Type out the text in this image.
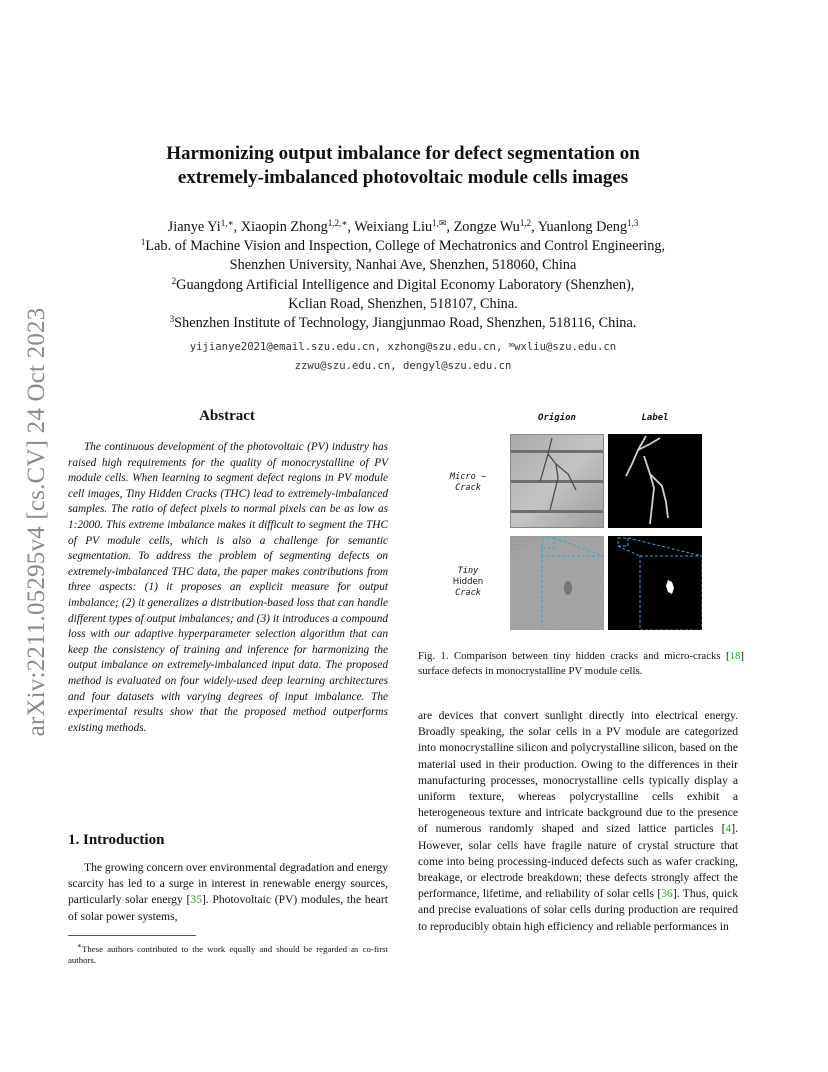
arXiv:2211.05295v4 [cs.CV] 24 Oct 2023
Harmonizing output imbalance for defect segmentation on
extremely-imbalanced photovoltaic module cells images
Jianye $Yi^{1,∗}$, Xiaopin Zhong$^{1,2,∗}$, Weixiang Liu$^{1,✉}$, Zongze Wu$^{1,2}$, Yuanlong Deng$^{1,3}$
$^1$Lab. of Machine Vision and Inspection, College of Mechatronics and Control Engineering,
Shenzhen University, Nanhai Ave, Shenzhen, 518060, China
$^2$Guangdong Artificial Intelligence and Digital Economy Laboratory (Shenzhen),
Kclian Road, Shenzhen, 518107, China.
$^3$Shenzhen Institute of Technology, Jiangjunmao Road, Shenzhen, 518116, China.
yijianye2021@email.szu.edu.cn, xzhong@szu.edu.cn, ✉wxliu@szu.edu.cn
zzwu@szu.edu.cn, dengyl@szu.edu.cn
Abstract

The continuous development of the photovoltaic (PV) industry has raised high requirements for the quality of monocrystalline of PV module cells. When learning to segment defect regions in PV module cell images, Tiny Hidden Cracks (THC) lead to extremely-imbalanced samples. The ratio of defect pixels to normal pixels can be as low as 1:2000. This extreme imbalance makes it difficult to segment the THC of PV module cells, which is also a challenge for semantic segmentation. To address the problem of segmenting defects on extremely-imbalanced THC data, the paper makes contributions from three aspects: (1) it proposes an explicit measure for output imbalance; (2) it generalizes a distribution-based loss that can handle different types of output imbalances; and (3) it introduces a compound loss with our adaptive hyperparameter selection algorithm that can keep the consistency of training and inference for harmonizing the output imbalance on extremely-imbalanced input data. The proposed method is evaluated on four widely-used deep learning architectures and four datasets with varying degrees of input imbalance. The experimental results show that the proposed method outperforms existing methods.

1. Introduction

The growing concern over environmental degradation and energy scarcity has led to a surge in interest in renewable energy sources, particularly solar energy [35]. Photovoltaic (PV) modules, the heart of solar power systems,

∗These authors contributed to the work equally and should be regarded as co-first authors.

Origion	Label
Micro −
Crack
Tiny
Hidden
Crack

Fig. 1. Comparison between tiny hidden cracks and micro-cracks [18] surface defects in monocrystalline PV module cells.

are devices that convert sunlight directly into electrical energy. Broadly speaking, the solar cells in a PV module are categorized into monocrystalline silicon and polycrystalline silicon, based on the material used in their production. Owing to the differences in their manufacturing processes, monocrystalline cells typically display a uniform texture, whereas polycrystalline cells exhibit a heterogeneous texture and intricate background due to the presence of numerous randomly shaped and sized lattice particles [4]. However, solar cells have fragile nature of crystal structure that come into being processing-induced defects such as wafer cracking, breakage, or electrode breakdown; these defects strongly affect the performance, lifetime, and reliability of solar cells [36]. Thus, quick and precise evaluations of solar cells during production are required to reproducibly obtain high efficiency and reliable performances in
